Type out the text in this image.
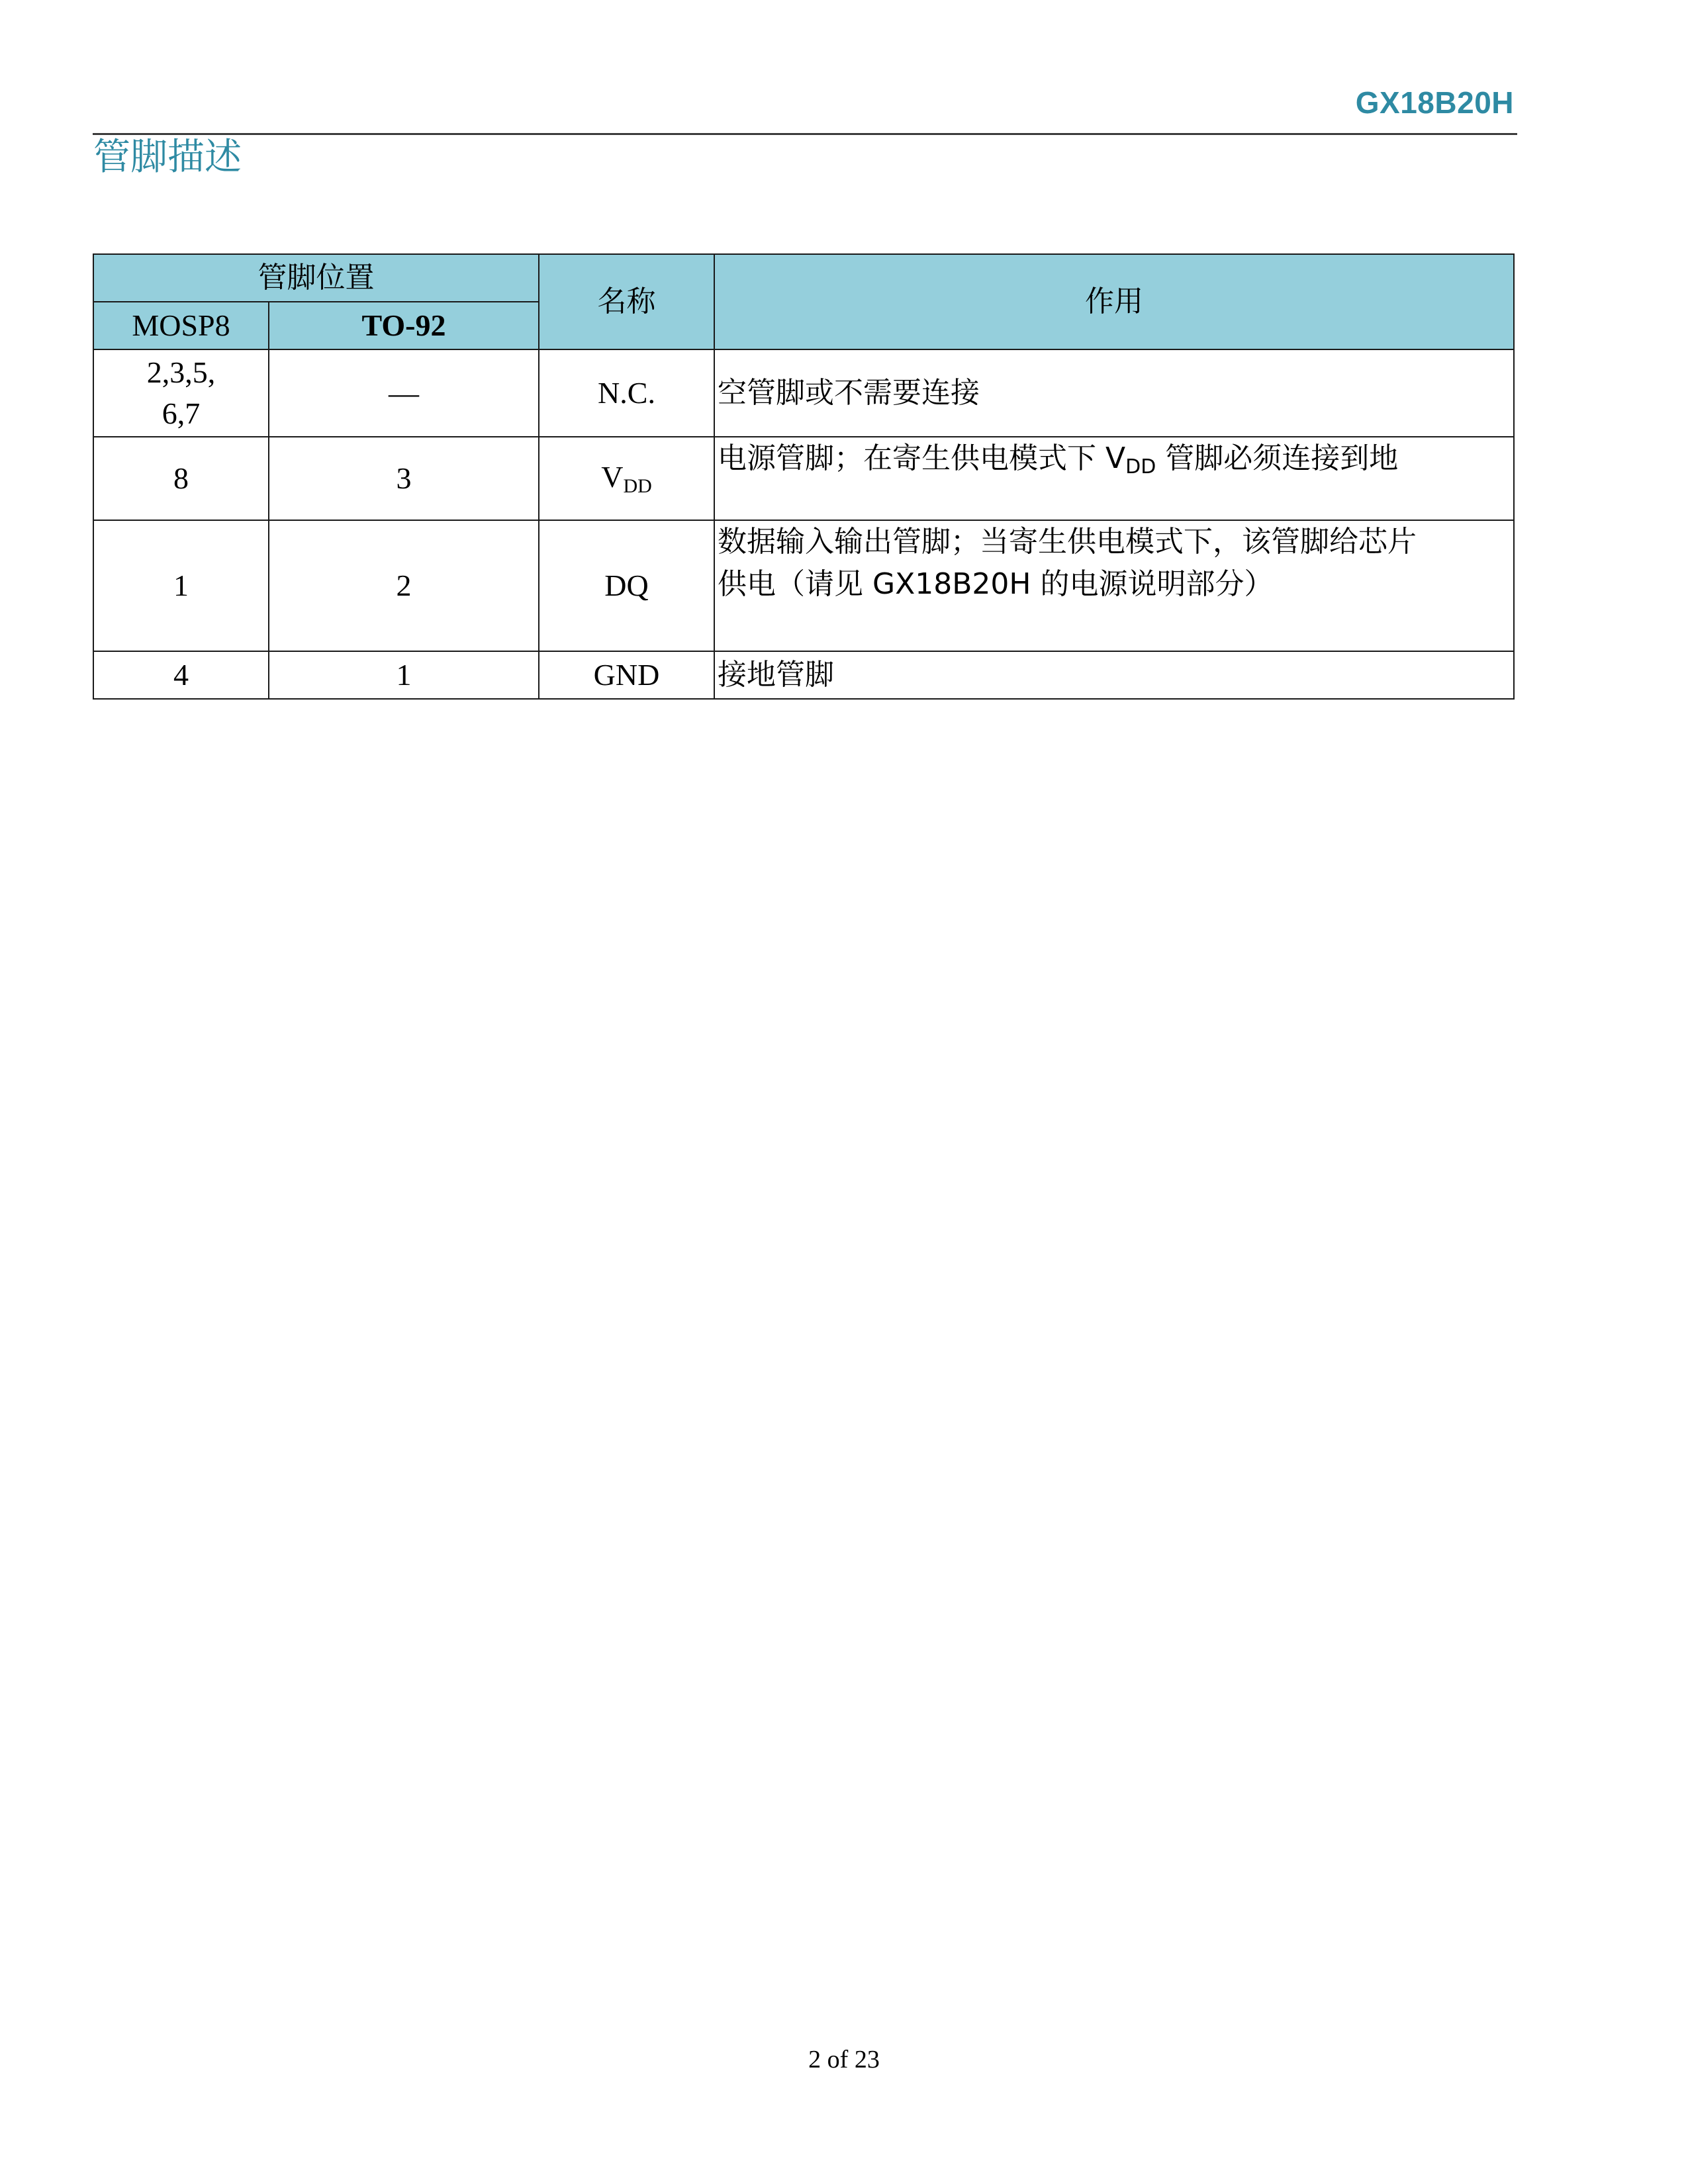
GX18B20H
管脚描述
管脚位置		名称	作用
MOSP8	TO-92		

2,3,5,
6,7	—	N.C.	空管脚或不需要连接
8	3	$V_{DD}$	电源管脚；在寄生供电模式下 $V_{DD}$ 管脚必须连接到地
1	2	DQ	数据输入输出管脚；当寄生供电模式下，该管脚给芯片
供电（请见 GX18B20H 的电源说明部分）

4	1	GND	接地管脚
2 of 23
